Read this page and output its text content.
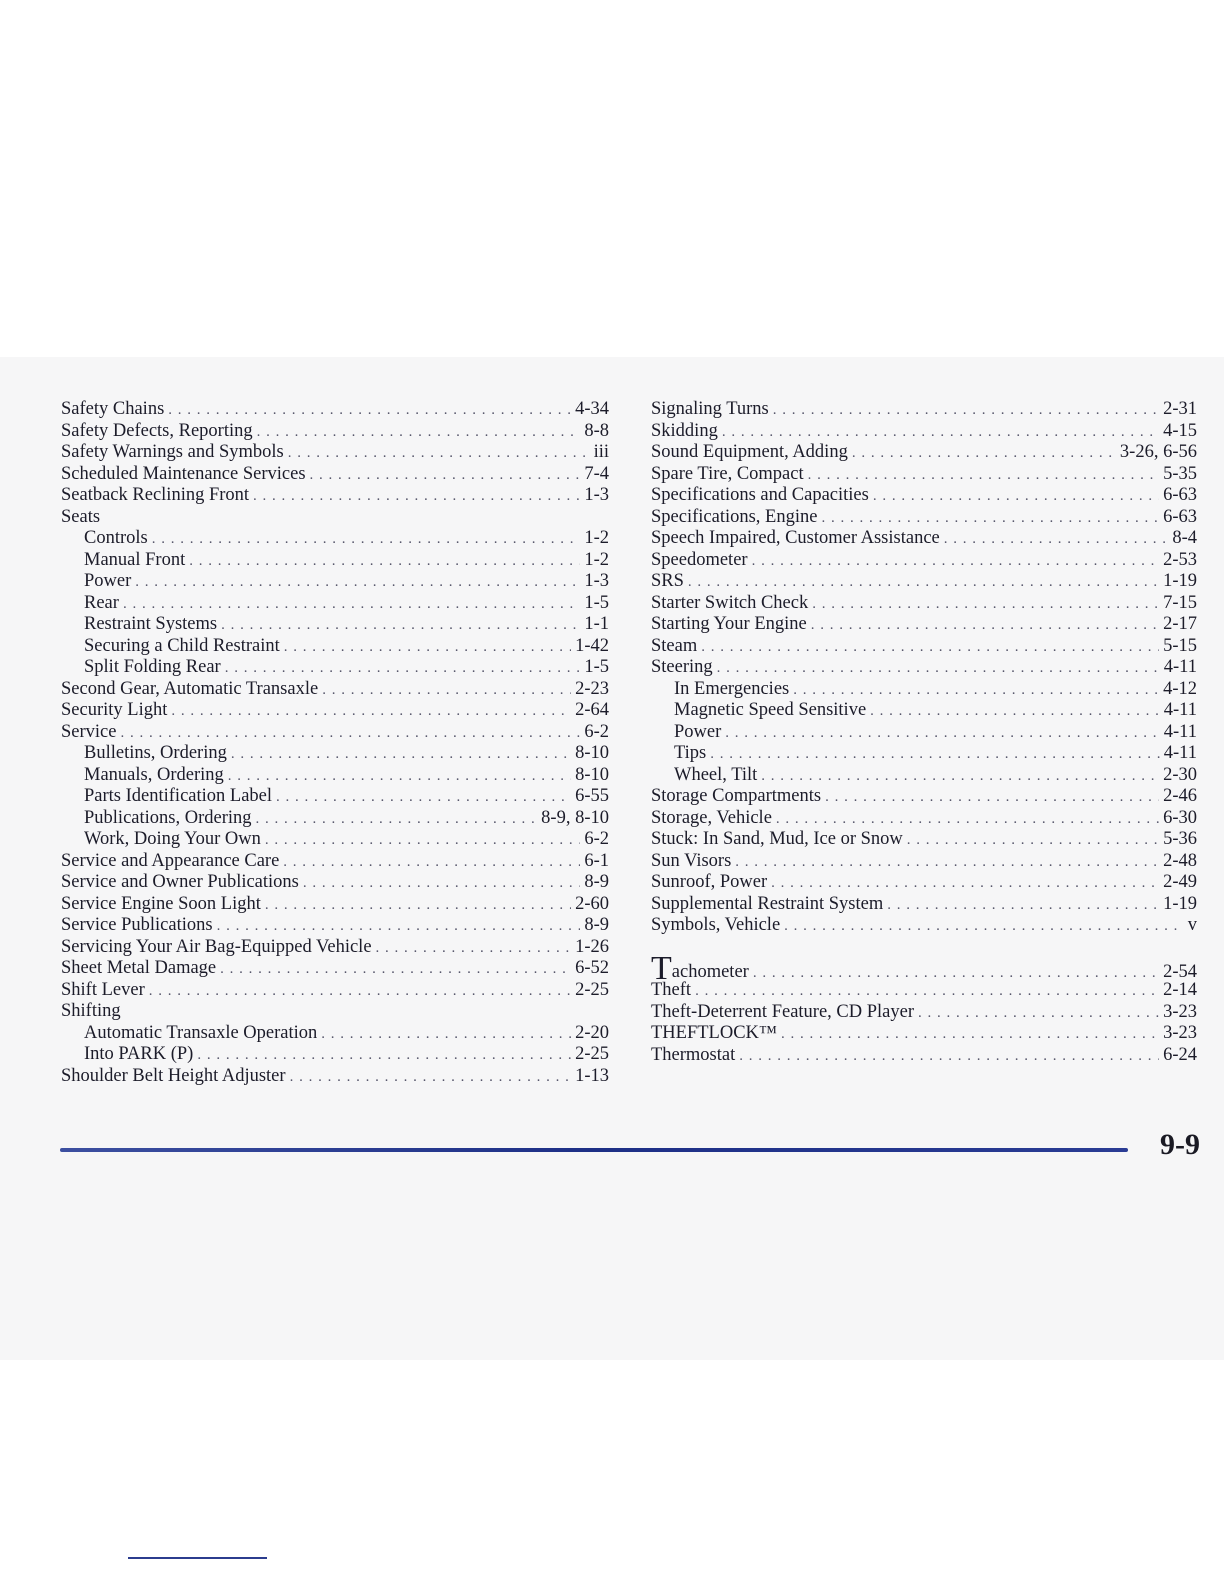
Safety Chains . . .	4-34
Safety Defects, Reporting . . .	8-8
Safety Warnings and Symbols . . .	iii
Scheduled Maintenance Services . . .	7-4
Seatback Reclining Front . . .	1-3
Seats
Controls . . .	1-2
Manual Front . . .	1-2
Power . . .	1-3
Rear . . .	1-5
Restraint Systems . . .	1-1
Securing a Child Restraint . . .	1-42
Split Folding Rear . . .	1-5
Second Gear, Automatic Transaxle . . .	2-23
Security Light . . .	2-64
Service . . .	6-2
Bulletins, Ordering . . .	8-10
Manuals, Ordering . . .	8-10
Parts Identification Label . . .	6-55
Publications, Ordering . . .	8-9, 8-10
Work, Doing Your Own . . .	6-2
Service and Appearance Care . . .	6-1
Service and Owner Publications . . .	8-9
Service Engine Soon Light . . .	2-60
Service Publications . . .	8-9
Servicing Your Air Bag-Equipped Vehicle . . .	1-26
Sheet Metal Damage . . .	6-52
Shift Lever . . .	2-25
Shifting
Automatic Transaxle Operation . . .	2-20
Into PARK (P) . . .	2-25
Shoulder Belt Height Adjuster . . .	1-13
Signaling Turns . . .	2-31
Skidding . . .	4-15
Sound Equipment, Adding . . .	3-26, 6-56
Spare Tire, Compact . . .	5-35
Specifications and Capacities . . .	6-63
Specifications, Engine . . .	6-63
Speech Impaired, Customer Assistance . . .	8-4
Speedometer . . .	2-53
SRS . . .	1-19
Starter Switch Check . . .	7-15
Starting Your Engine . . .	2-17
Steam . . .	5-15
Steering . . .	4-11
In Emergencies . . .	4-12
Magnetic Speed Sensitive . . .	4-11
Power . . .	4-11
Tips . . .	4-11
Wheel, Tilt . . .	2-30
Storage Compartments . . .	2-46
Storage, Vehicle . . .	6-30
Stuck: In Sand, Mud, Ice or Snow . . .	5-36
Sun Visors . . .	2-48
Sunroof, Power . . .	2-49
Supplemental Restraint System . . .	1-19
Symbols, Vehicle . . .	v
Tachometer . . .	2-54
Theft . . .	2-14
Theft-Deterrent Feature, CD Player . . .	3-23
THEFTLOCK™ . . .	3-23
Thermostat . . .	6-24
9-9
